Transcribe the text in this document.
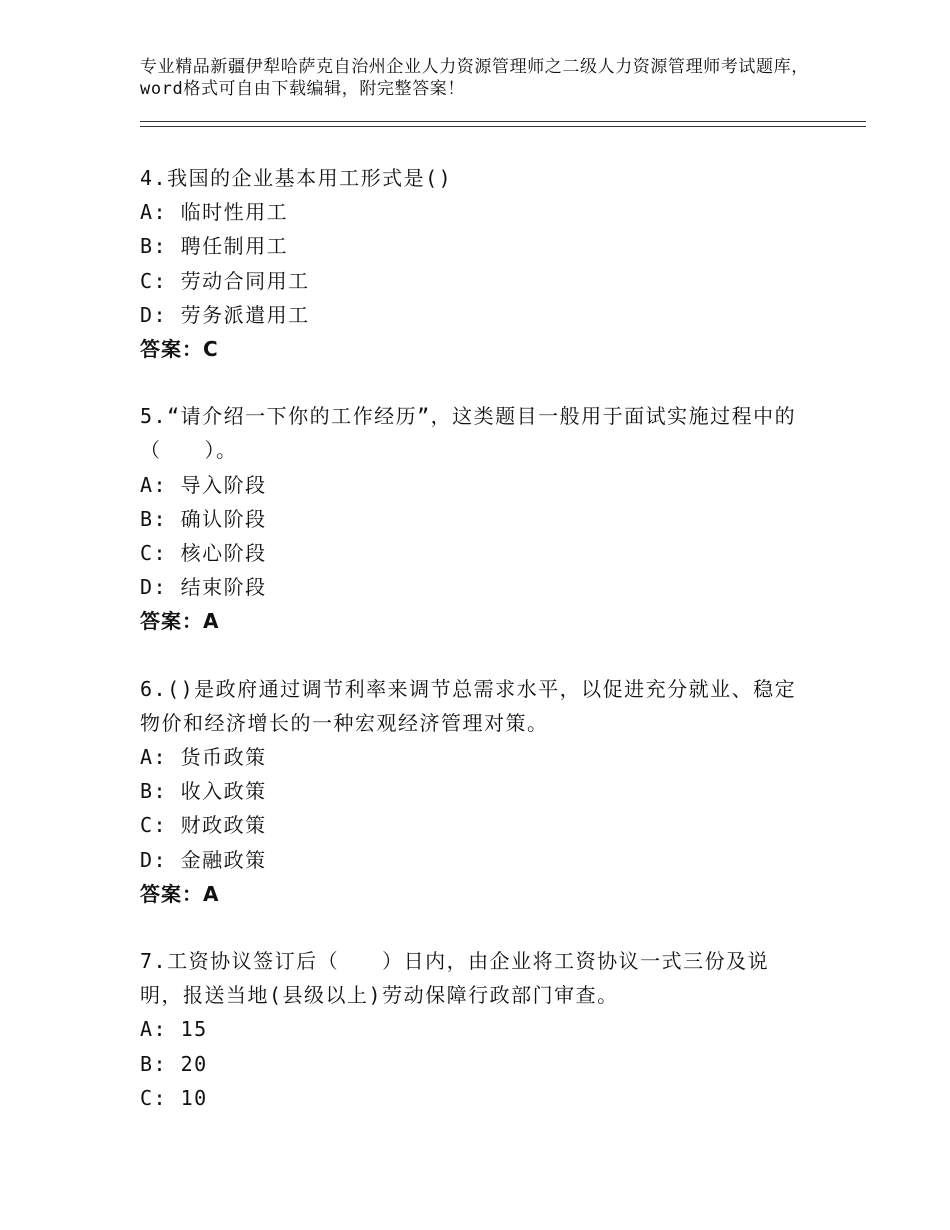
专业精品新疆伊犁哈萨克自治州企业人力资源管理师之二级人力资源管理师考试题库，word格式可自由下载编辑，附完整答案！
4.我国的企业基本用工形式是()
A: 临时性用工
B: 聘任制用工
C: 劳动合同用工
D: 劳务派遣用工
答案：C
5.“请介绍一下你的工作经历”，这类题目一般用于面试实施过程中的（　　）。
A: 导入阶段
B: 确认阶段
C: 核心阶段
D: 结束阶段
答案：A
6.()是政府通过调节利率来调节总需求水平，以促进充分就业、稳定物价和经济增长的一种宏观经济管理对策。
A: 货币政策
B: 收入政策
C: 财政政策
D: 金融政策
答案：A
7.工资协议签订后（　　）日内，由企业将工资协议一式三份及说明，报送当地(县级以上)劳动保障行政部门审查。
A: 15
B: 20
C: 10
